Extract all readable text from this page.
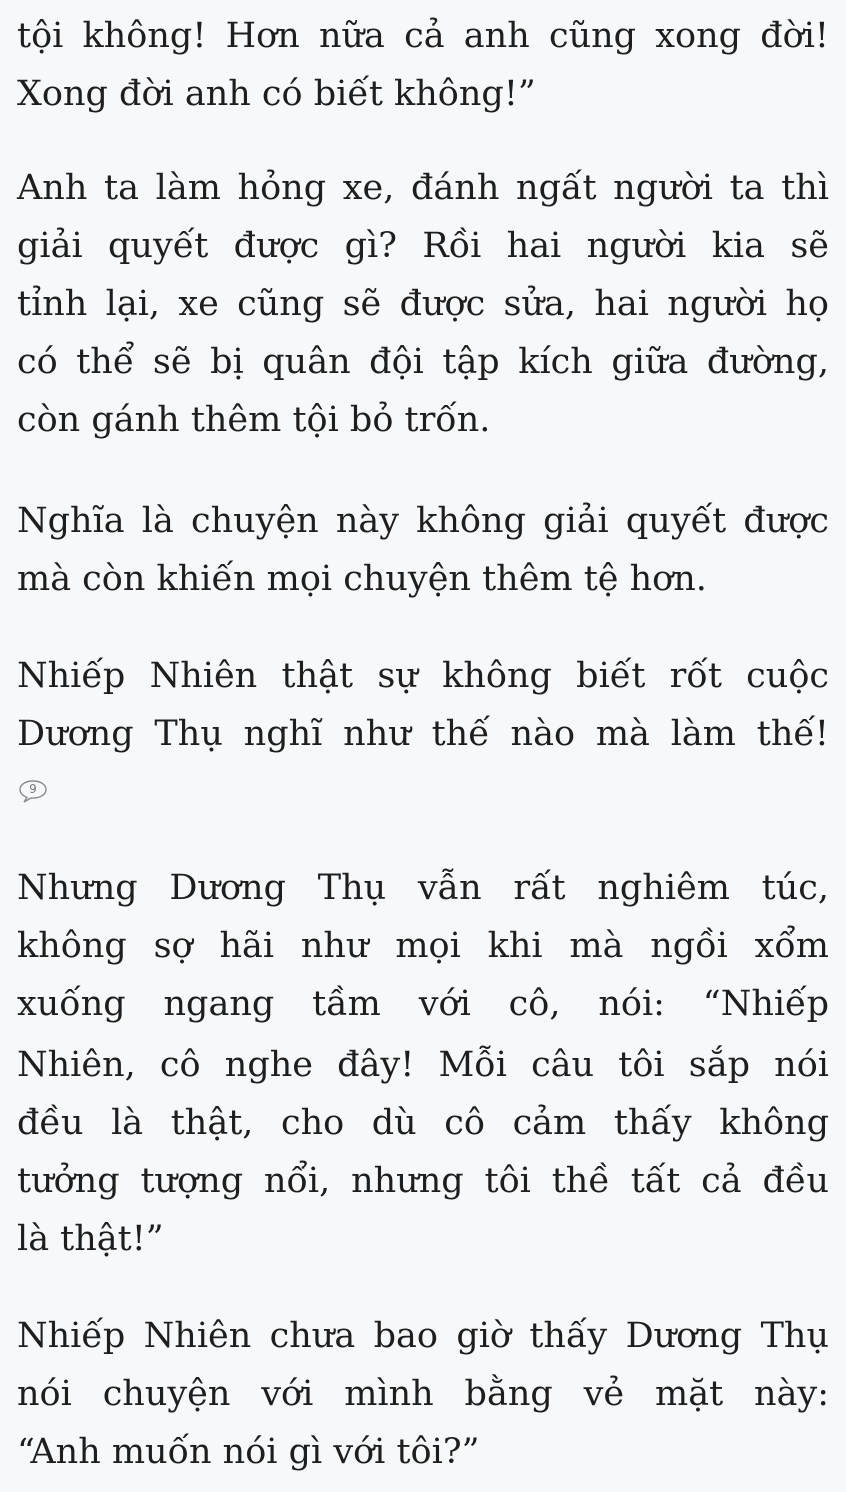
tội không! Hơn nữa cả anh cũng xong đời!
Xong đời anh có biết không!”
Anh ta làm hỏng xe, đánh ngất người ta thì
giải quyết được gì? Rồi hai người kia sẽ
tỉnh lại, xe cũng sẽ được sửa, hai người họ
có thể sẽ bị quân đội tập kích giữa đường,
còn gánh thêm tội bỏ trốn.
Nghĩa là chuyện này không giải quyết được
mà còn khiến mọi chuyện thêm tệ hơn.
Nhiếp Nhiên thật sự không biết rốt cuộc
Dương Thụ nghĩ như thế nào mà làm thế!
9
Nhưng Dương Thụ vẫn rất nghiêm túc,
không sợ hãi như mọi khi mà ngồi xổm
xuống ngang tầm với cô, nói: “Nhiếp
Nhiên, cô nghe đây! Mỗi câu tôi sắp nói
đều là thật, cho dù cô cảm thấy không
tưởng tượng nổi, nhưng tôi thề tất cả đều
là thật!”
Nhiếp Nhiên chưa bao giờ thấy Dương Thụ
nói chuyện với mình bằng vẻ mặt này:
“Anh muốn nói gì với tôi?”
